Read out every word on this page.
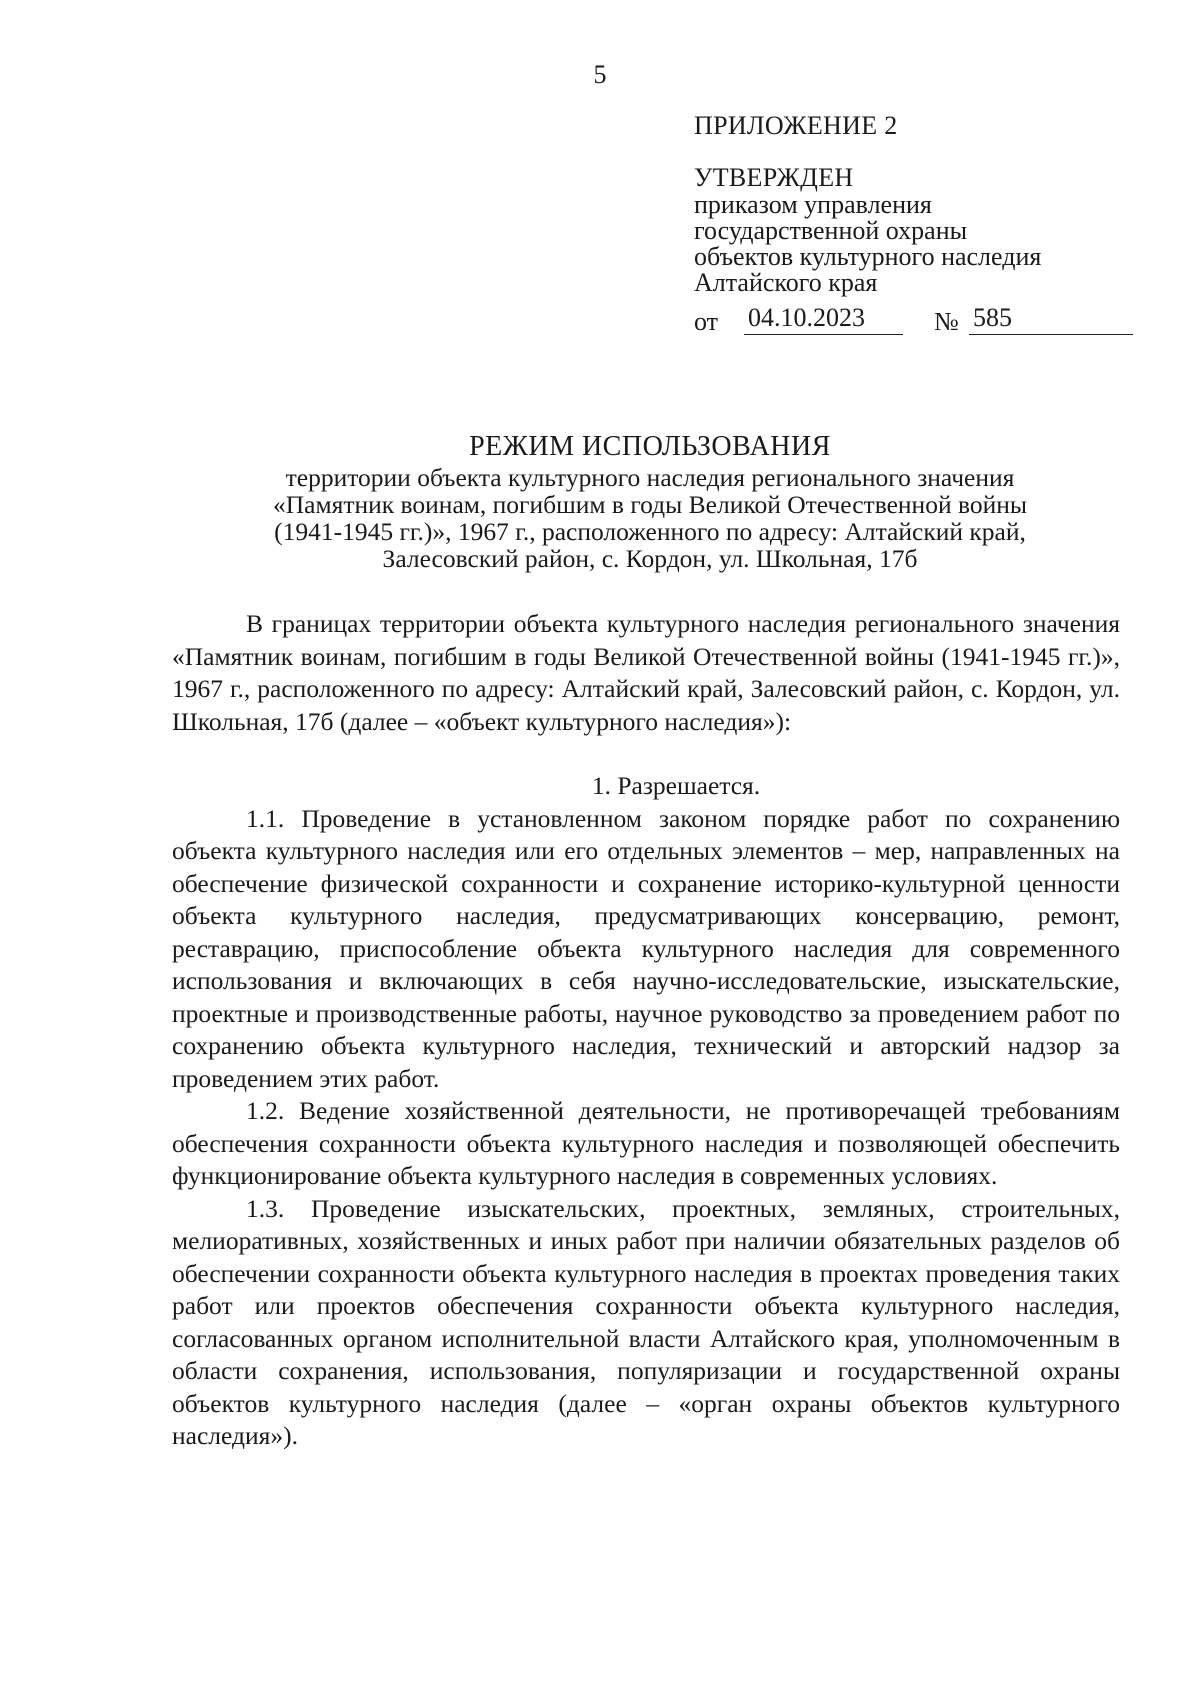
5
ПРИЛОЖЕНИЕ 2
УТВЕРЖДЕН
приказом управления
государственной охраны
объектов культурного наследия
Алтайского края
от 04.10.2023	№ 585
РЕЖИМ ИСПОЛЬЗОВАНИЯ
территории объекта культурного наследия регионального значения
«Памятник воинам, погибшим в годы Великой Отечественной войны
(1941-1945 гг.)», 1967 г., расположенного по адресу: Алтайский край,
Залесовский район, с. Кордон, ул. Школьная, 17б

В границах территории объекта культурного наследия регионального значения «Памятник воинам, погибшим в годы Великой Отечественной войны (1941-1945 гг.)», 1967 г., расположенного по адресу: Алтайский край, Залесовский район, с. Кордон, ул. Школьная, 17б (далее – «объект культурного наследия»):

1. Разрешается.

1.1. Проведение в установленном законом порядке работ по сохранению объекта культурного наследия или его отдельных элементов – мер, направленных на обеспечение физической сохранности и сохранение историко-культурной ценности объекта культурного наследия, предусматривающих консервацию, ремонт, реставрацию, приспособление объекта культурного наследия для современного использования и включающих в себя научно-исследовательские, изыскательские, проектные и производственные работы, научное руководство за проведением работ по сохранению объекта культурного наследия, технический и авторский надзор за проведением этих работ.

1.2. Ведение хозяйственной деятельности, не противоречащей требованиям обеспечения сохранности объекта культурного наследия и позволяющей обеспечить функционирование объекта культурного наследия в современных условиях.

1.3. Проведение изыскательских, проектных, земляных, строительных, мелиоративных, хозяйственных и иных работ при наличии обязательных разделов об обеспечении сохранности объекта культурного наследия в проектах проведения таких работ или проектов обеспечения сохранности объекта культурного наследия, согласованных органом исполнительной власти Алтайского края, уполномоченным в области сохранения, использования, популяризации и государственной охраны объектов культурного наследия (далее – «орган охраны объектов культурного наследия»).
